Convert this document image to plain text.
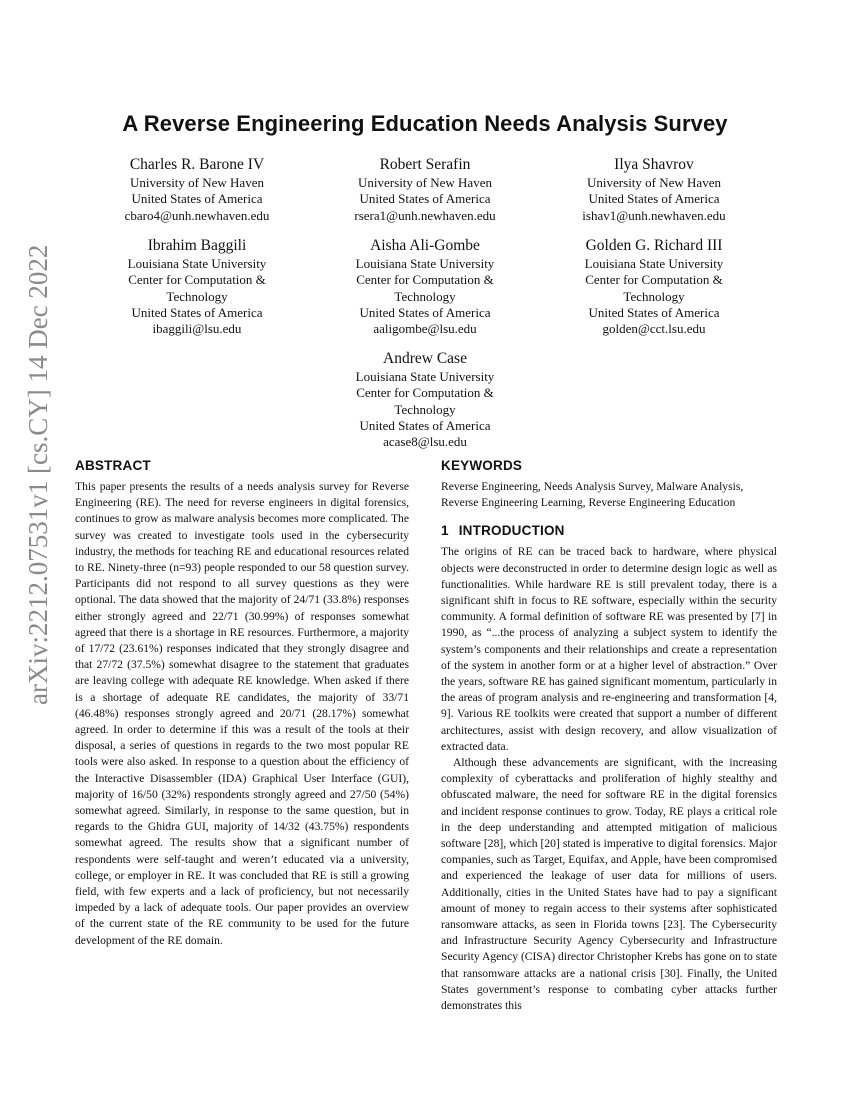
arXiv:2212.07531v1 [cs.CY] 14 Dec 2022
A Reverse Engineering Education Needs Analysis Survey
Charles R. Barone IV
University of New Haven
United States of America
cbaro4@unh.newhaven.edu
Robert Serafin
University of New Haven
United States of America
rsera1@unh.newhaven.edu
Ilya Shavrov
University of New Haven
United States of America
ishav1@unh.newhaven.edu
Ibrahim Baggili
Louisiana State University
Center for Computation &
Technology
United States of America
ibaggili@lsu.edu
Aisha Ali-Gombe
Louisiana State University
Center for Computation &
Technology
United States of America
aaligombe@lsu.edu
Golden G. Richard III
Louisiana State University
Center for Computation &
Technology
United States of America
golden@cct.lsu.edu
Andrew Case
Louisiana State University
Center for Computation &
Technology
United States of America
acase8@lsu.edu
ABSTRACT

This paper presents the results of a needs analysis survey for Reverse Engineering (RE). The need for reverse engineers in digital forensics, continues to grow as malware analysis becomes more complicated. The survey was created to investigate tools used in the cybersecurity industry, the methods for teaching RE and educational resources related to RE. Ninety-three (n=93) people responded to our 58 question survey. Participants did not respond to all survey questions as they were optional. The data showed that the majority of 24/71 (33.8%) responses either strongly agreed and 22/71 (30.99%) of responses somewhat agreed that there is a shortage in RE resources. Furthermore, a majority of 17/72 (23.61%) responses indicated that they strongly disagree and that 27/72 (37.5%) somewhat disagree to the statement that graduates are leaving college with adequate RE knowledge. When asked if there is a shortage of adequate RE candidates, the majority of 33/71 (46.48%) responses strongly agreed and 20/71 (28.17%) somewhat agreed. In order to determine if this was a result of the tools at their disposal, a series of questions in regards to the two most popular RE tools were also asked. In response to a question about the efficiency of the Interactive Disassembler (IDA) Graphical User Interface (GUI), majority of 16/50 (32%) respondents strongly agreed and 27/50 (54%) somewhat agreed. Similarly, in response to the same question, but in regards to the Ghidra GUI, majority of 14/32 (43.75%) respondents somewhat agreed. The results show that a significant number of respondents were self-taught and weren’t educated via a university, college, or employer in RE. It was concluded that RE is still a growing field, with few experts and a lack of proficiency, but not necessarily impeded by a lack of adequate tools. Our paper provides an overview of the current state of the RE community to be used for the future development of the RE domain.

KEYWORDS

Reverse Engineering, Needs Analysis Survey, Malware Analysis, Reverse Engineering Learning, Reverse Engineering Education

1 INTRODUCTION

The origins of RE can be traced back to hardware, where physical objects were deconstructed in order to determine design logic as well as functionalities. While hardware RE is still prevalent today, there is a significant shift in focus to RE software, especially within the security community. A formal definition of software RE was presented by [7] in 1990, as “...the process of analyzing a subject system to identify the system’s components and their relationships and create a representation of the system in another form or at a higher level of abstraction.” Over the years, software RE has gained significant momentum, particularly in the areas of program analysis and re-engineering and transformation [4, 9]. Various RE toolkits were created that support a number of different architectures, assist with design recovery, and allow visualization of extracted data.

Although these advancements are significant, with the increasing complexity of cyberattacks and proliferation of highly stealthy and obfuscated malware, the need for software RE in the digital forensics and incident response continues to grow. Today, RE plays a critical role in the deep understanding and attempted mitigation of malicious software [28], which [20] stated is imperative to digital forensics. Major companies, such as Target, Equifax, and Apple, have been compromised and experienced the leakage of user data for millions of users. Additionally, cities in the United States have had to pay a significant amount of money to regain access to their systems after sophisticated ransomware attacks, as seen in Florida towns [23]. The Cybersecurity and Infrastructure Security Agency Cybersecurity and Infrastructure Security Agency (CISA) director Christopher Krebs has gone on to state that ransomware attacks are a national crisis [30]. Finally, the United States government’s response to combating cyber attacks further demonstrates this
